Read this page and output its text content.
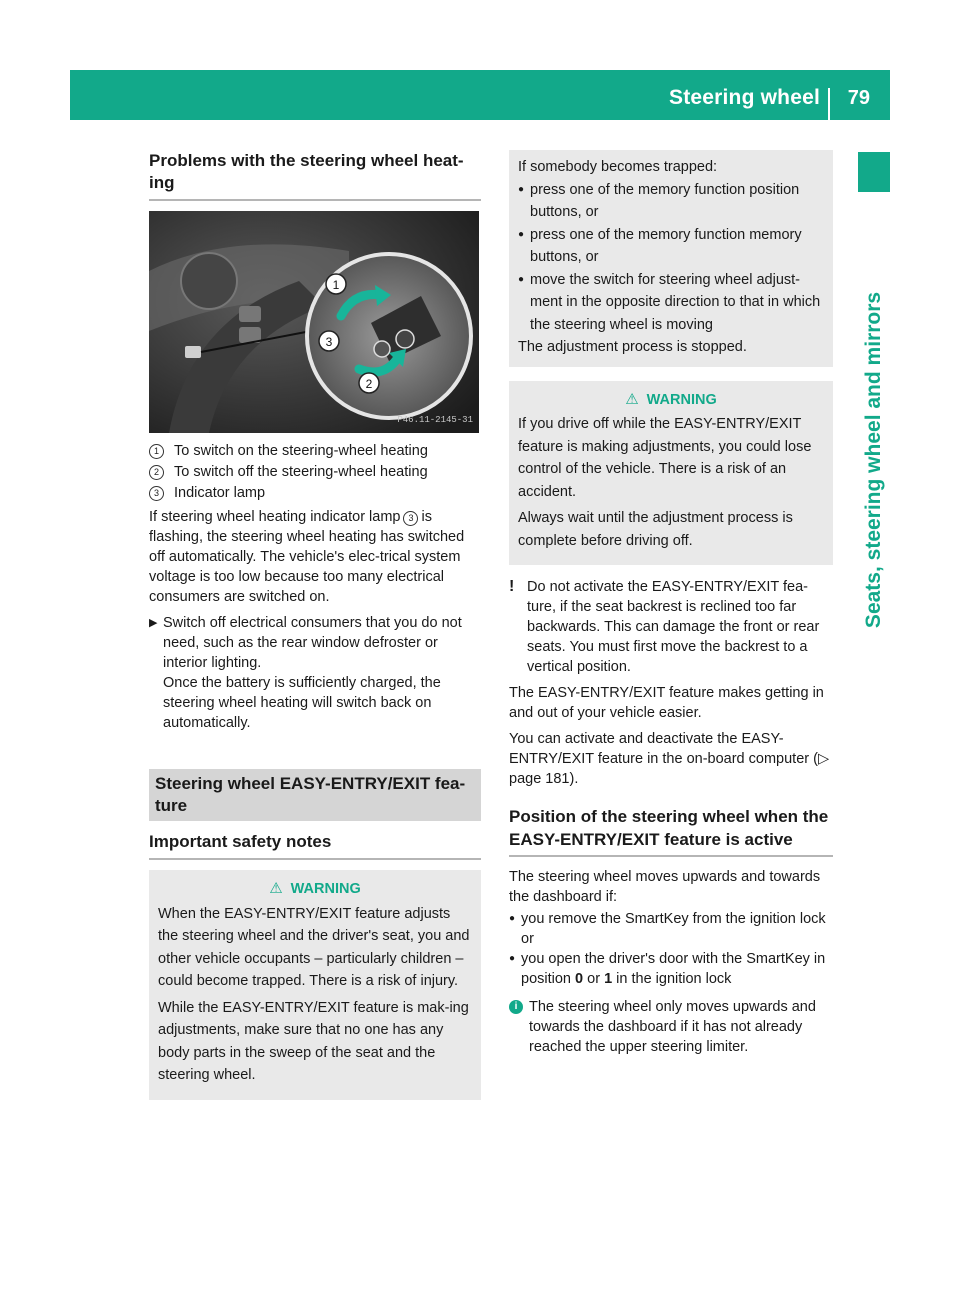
Steering wheel 79
Seats, steering wheel and mirrors
Problems with the steering wheel heat-ing
1
2
3
P46.11-2145-31
1	To switch on the steering-wheel heating
2	To switch off the steering-wheel heating
3	Indicator lamp

If steering wheel heating indicator lamp 3 is flashing, the steering wheel heating has switched off automatically. The vehicle's elec-trical system voltage is too low because too many electrical consumers are switched on.

▶ Switch off electrical consumers that you do not need, such as the rear window defroster or interior lighting.
Once the battery is sufficiently charged, the steering wheel heating will switch back on automatically.
Steering wheel EASY-ENTRY/EXIT fea-ture
Important safety notes
⚠ WARNING

When the EASY-ENTRY/EXIT feature adjusts the steering wheel and the driver's seat, you and other vehicle occupants – particularly children – could become trapped. There is a risk of injury.

While the EASY-ENTRY/EXIT feature is mak-ing adjustments, make sure that no one has any body parts in the sweep of the seat and the steering wheel.

If somebody becomes trapped:
● press one of the memory function position buttons, or
● press one of the memory function memory buttons, or
● move the switch for steering wheel adjust-ment in the opposite direction to that in which the steering wheel is moving
The adjustment process is stopped.
⚠ WARNING

If you drive off while the EASY-ENTRY/EXIT feature is making adjustments, you could lose control of the vehicle. There is a risk of an accident.

Always wait until the adjustment process is complete before driving off.

! Do not activate the EASY-ENTRY/EXIT fea-ture, if the seat backrest is reclined too far backwards. This can damage the front or rear seats. You must first move the backrest to a vertical position.

The EASY-ENTRY/EXIT feature makes getting in and out of your vehicle easier.

You can activate and deactivate the EASY-ENTRY/EXIT feature in the on-board computer (▷ page 181).

Position of the steering wheel when the EASY-ENTRY/EXIT feature is active

The steering wheel moves upwards and towards the dashboard if:

● you remove the SmartKey from the ignition lock or
● you open the driver's door with the SmartKey in position 0 or 1 in the ignition lock
i The steering wheel only moves upwards and towards the dashboard if it has not already reached the upper steering limiter.
